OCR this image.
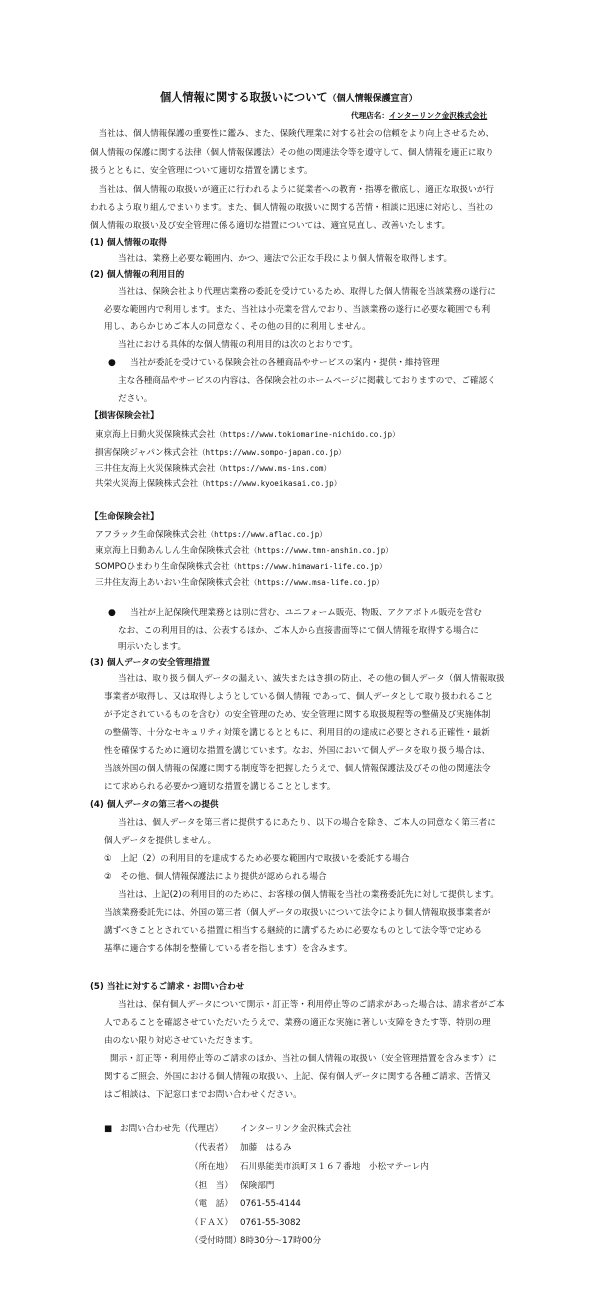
個人情報に関する取扱いについて（個人情報保護宣言）
代理店名：インターリンク金沢株式会社
　当社は、個人情報保護の重要性に鑑み、また、保険代理業に対する社会の信頼をより向上させるため、
個人情報の保護に関する法律（個人情報保護法）その他の関連法令等を遵守して、個人情報を適正に取り
扱うとともに、安全管理について適切な措置を講じます。
　当社は、個人情報の取扱いが適正に行われるように従業者への教育・指導を徹底し、適正な取扱いが行
われるよう取り組んでまいります。また、個人情報の取扱いに関する苦情・相談に迅速に対応し、当社の
個人情報の取扱い及び安全管理に係る適切な措置については、適宜見直し、改善いたします。
(1) 個人情報の取得
当社は、業務上必要な範囲内、かつ、適法で公正な手段により個人情報を取得します。
(2) 個人情報の利用目的
当社は、保険会社より代理店業務の委託を受けているため、取得した個人情報を当該業務の遂行に
必要な範囲内で利用します。また、当社は小売業を営んでおり、当該業務の遂行に必要な範囲でも利
用し、あらかじめご本人の同意なく、その他の目的に利用しません。
当社における具体的な個人情報の利用目的は次のとおりです。
● 当社が委託を受けている保険会社の各種商品やサービスの案内・提供・維持管理
主な各種商品やサービスの内容は、各保険会社のホームページに掲載しておりますので、ご確認く
ださい。
【損害保険会社】
東京海上日動火災保険株式会社（https://www.tokiomarine-nichido.co.jp）
損害保険ジャパン株式会社（https://www.sompo-japan.co.jp）
三井住友海上火災保険株式会社（https://www.ms-ins.com）
共栄火災海上保険株式会社（https://www.kyoeikasai.co.jp）
【生命保険会社】
アフラック生命保険株式会社（https://www.aflac.co.jp）
東京海上日動あんしん生命保険株式会社（https://www.tmn-anshin.co.jp）
SOMPOひまわり生命保険株式会社（https://www.himawari-life.co.jp）
三井住友海上あいおい生命保険株式会社（https://www.msa-life.co.jp）
● 当社が上記保険代理業務とは別に営む、ユニフォーム販売、物販、アクアボトル販売を営む
なお、この利用目的は、公表するほか、ご本人から直接書面等にて個人情報を取得する場合に
明示いたします。
(3) 個人データの安全管理措置
当社は、取り扱う個人データの漏えい、滅失またはき損の防止、その他の個人データ（個人情報取扱
事業者が取得し、又は取得しようとしている個人情報 であって、個人データとして取り扱われること
が予定されているものを含む）の安全管理のため、安全管理に関する取扱規程等の整備及び実施体制
の整備等、十分なセキュリティ対策を講じるとともに、利用目的の達成に必要とされる正確性・最新
性を確保するために適切な措置を講じています。なお、外国において個人データを取り扱う場合は、
当該外国の個人情報の保護に関する制度等を把握したうえで、個人情報保護法及びその他の関連法令
にて求められる必要かつ適切な措置を講じることとします。
(4) 個人データの第三者への提供
当社は、個人データを第三者に提供するにあたり、以下の場合を除き、ご本人の同意なく第三者に
個人データを提供しません。
①　 上記（2）の利用目的を達成するため必要な範囲内で取扱いを委託する場合
②　 その他、個人情報保護法により提供が認められる場合
当社は、上記(2)の利用目的のために、お客様の個人情報を当社の業務委託先に対して提供します。
当該業務委託先には、外国の第三者（個人データの取扱いについて法令により個人情報取扱事業者が
講ずべきこととされている措置に相当する継続的に講ずるために必要なものとして法令等で定める
基準に適合する体制を整備している者を指します）を含みます。
(5) 当社に対するご請求・お問い合わせ
当社は、保有個人データについて開示・訂正等・利用停止等のご請求があった場合は、請求者がご本
人であることを確認させていただいたうえで、業務の適正な実施に著しい支障をきたす等、特別の理
由のない限り対応させていただきます。
開示・訂正等・利用停止等のご請求のほか、当社の個人情報の取扱い（安全管理措置を含みます）に
関するご照会、外国における個人情報の取扱い、上記、保有個人データに関する各種ご請求、苦情又
はご相談は、下記窓口までお問い合わせください。
■ お問い合わせ先（代理店） インターリンク金沢株式会社
（代表者） 加藤　はるみ
（所在地） 石川県能美市浜町ヌ１６７番地　小松マテーレ内
（担　当） 保険部門
（電　話） 0761-55-4144
（ＦＡＸ） 0761-55-3082
（受付時間）
8時30分～17時00分
